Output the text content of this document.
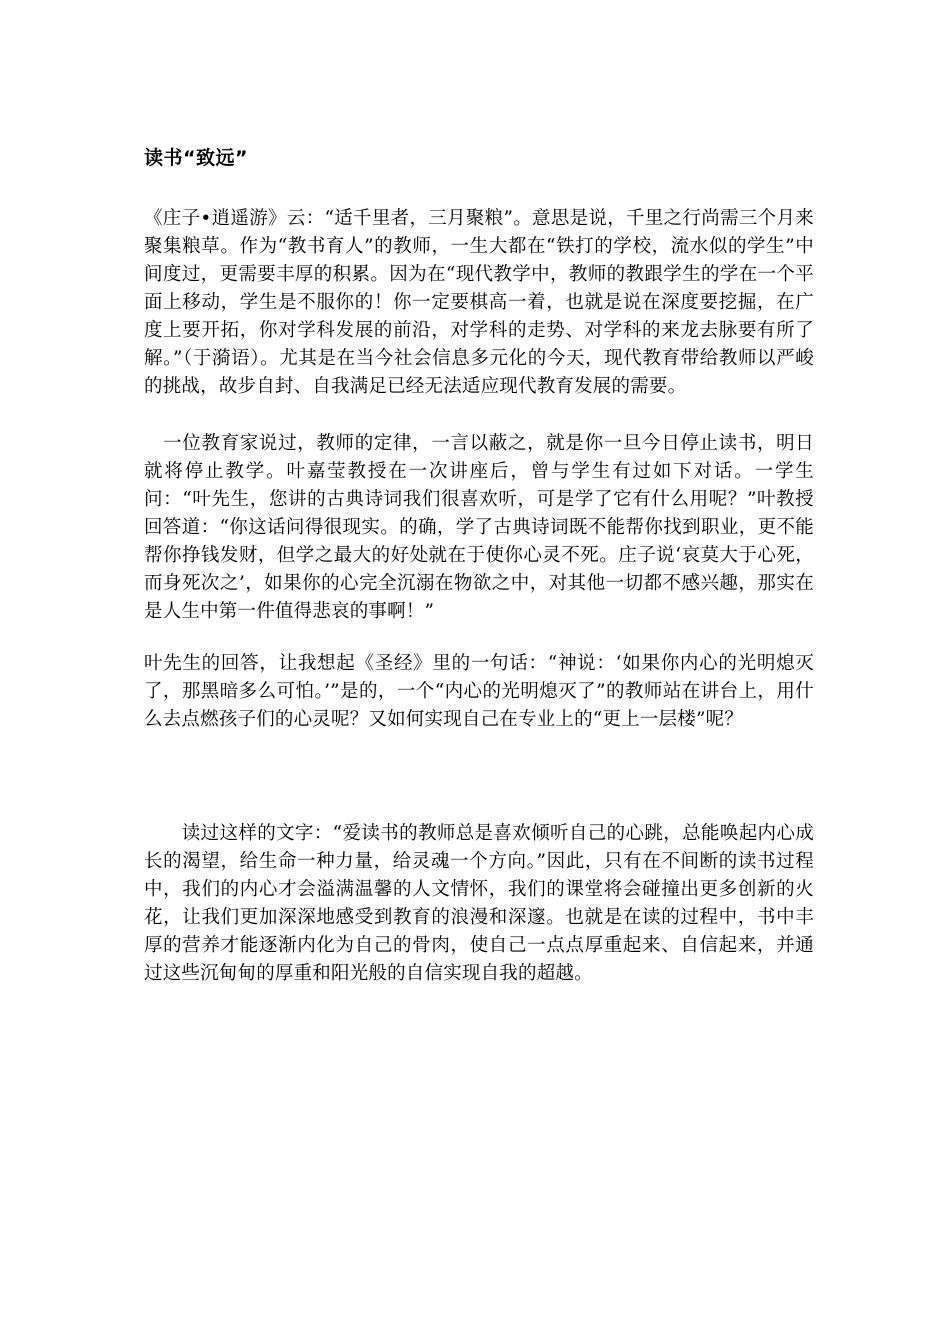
读书“致远”

《庄子•逍遥游》云：“适千里者，三月聚粮”。意思是说，千里之行尚需三个月来聚集粮草。作为“教书育人”的教师，一生大都在“铁打的学校，流水似的学生”中间度过，更需要丰厚的积累。因为在“现代教学中，教师的教跟学生的学在一个平面上移动，学生是不服你的！你一定要棋高一着，也就是说在深度要挖掘，在广度上要开拓，你对学科发展的前沿，对学科的走势、对学科的来龙去脉要有所了解。”（于漪语）。尤其是在当今社会信息多元化的今天，现代教育带给教师以严峻的挑战，故步自封、自我满足已经无法适应现代教育发展的需要。

　一位教育家说过，教师的定律，一言以蔽之，就是你一旦今日停止读书，明日就将停止教学。叶嘉莹教授在一次讲座后，曾与学生有过如下对话。一学生问：“叶先生，您讲的古典诗词我们很喜欢听，可是学了它有什么用呢？”叶教授回答道：“你这话问得很现实。的确，学了古典诗词既不能帮你找到职业，更不能帮你挣钱发财，但学之最大的好处就在于使你心灵不死。庄子说‘哀莫大于心死，而身死次之’，如果你的心完全沉溺在物欲之中，对其他一切都不感兴趣，那实在是人生中第一件值得悲哀的事啊！”

叶先生的回答，让我想起《圣经》里的一句话：“神说：‘如果你内心的光明熄灭了，那黑暗多么可怕。’”是的，一个“内心的光明熄灭了”的教师站在讲台上，用什么去点燃孩子们的心灵呢？又如何实现自己在专业上的“更上一层楼”呢？

　　读过这样的文字：“爱读书的教师总是喜欢倾听自己的心跳，总能唤起内心成长的渴望，给生命一种力量，给灵魂一个方向。”因此，只有在不间断的读书过程中，我们的内心才会溢满温馨的人文情怀，我们的课堂将会碰撞出更多创新的火花，让我们更加深深地感受到教育的浪漫和深邃。也就是在读的过程中，书中丰厚的营养才能逐渐内化为自己的骨肉，使自己一点点厚重起来、自信起来，并通过这些沉甸甸的厚重和阳光般的自信实现自我的超越。
